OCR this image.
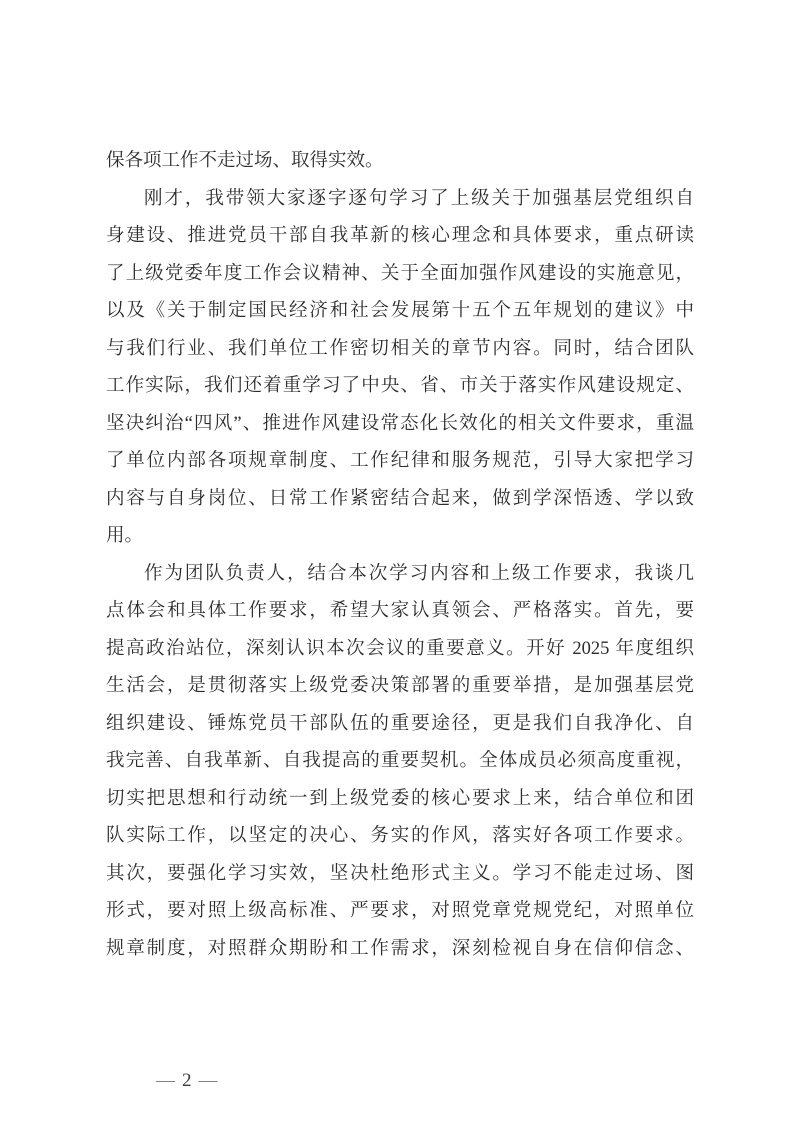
保各项工作不走过场、取得实效。
刚才，我带领大家逐字逐句学习了上级关于加强基层党组织自
身建设、推进党员干部自我革新的核心理念和具体要求，重点研读
了上级党委年度工作会议精神、关于全面加强作风建设的实施意见，
以及《关于制定国民经济和社会发展第十五个五年规划的建议》中
与我们行业、我们单位工作密切相关的章节内容。同时，结合团队
工作实际，我们还着重学习了中央、省、市关于落实作风建设规定、
坚决纠治“四风”、推进作风建设常态化长效化的相关文件要求，重温
了单位内部各项规章制度、工作纪律和服务规范，引导大家把学习
内容与自身岗位、日常工作紧密结合起来，做到学深悟透、学以致
用。
作为团队负责人，结合本次学习内容和上级工作要求，我谈几
点体会和具体工作要求，希望大家认真领会、严格落实。首先，要
提高政治站位，深刻认识本次会议的重要意义。开好 2025 年度组织
生活会，是贯彻落实上级党委决策部署的重要举措，是加强基层党
组织建设、锤炼党员干部队伍的重要途径，更是我们自我净化、自
我完善、自我革新、自我提高的重要契机。全体成员必须高度重视，
切实把思想和行动统一到上级党委的核心要求上来，结合单位和团
队实际工作，以坚定的决心、务实的作风，落实好各项工作要求。
其次，要强化学习实效，坚决杜绝形式主义。学习不能走过场、图
形式，要对照上级高标准、严要求，对照党章党规党纪，对照单位
规章制度，对照群众期盼和工作需求，深刻检视自身在信仰信念、

— 2 —
